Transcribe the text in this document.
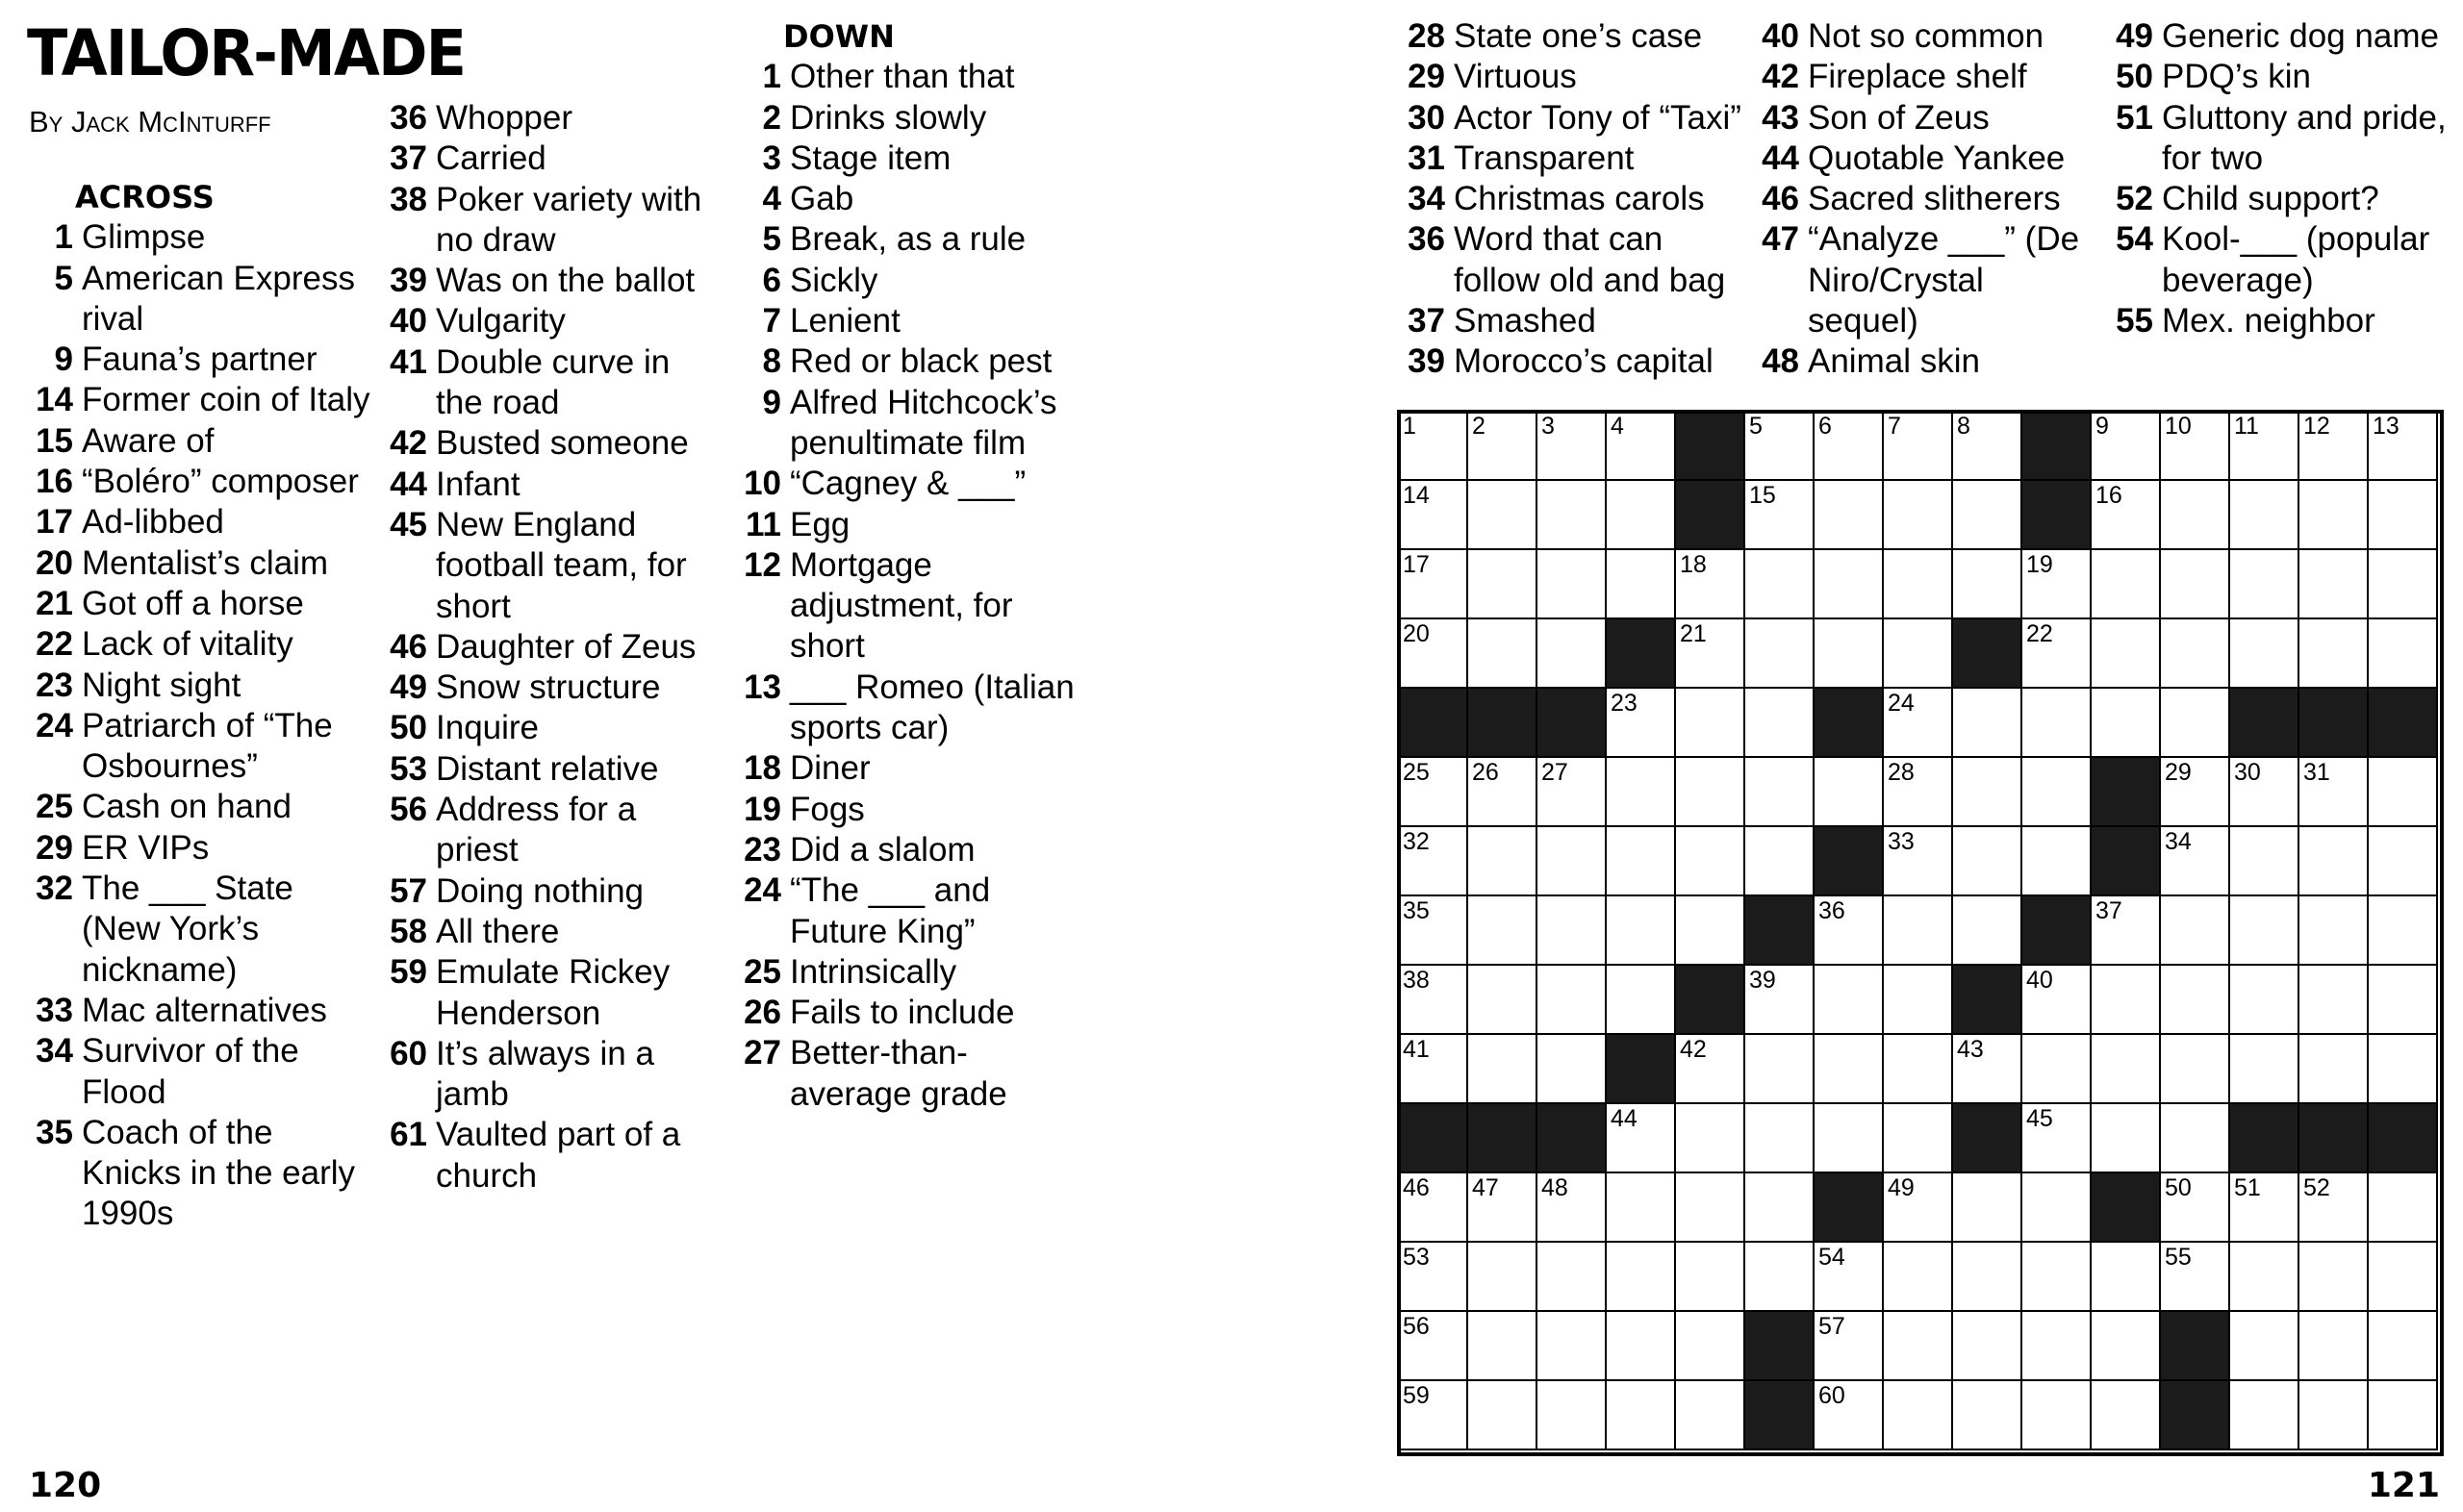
TAILOR-MADE
By Jack McInturff
ACROSS
1 Glimpse
5 American Express rival
9 Fauna’s partner
14 Former coin of Italy
15 Aware of
16 “Boléro” composer
17 Ad-libbed
20 Mentalist’s claim
21 Got off a horse
22 Lack of vitality
23 Night sight
24 Patriarch of “The Osbournes”
25 Cash on hand
29 ER VIPs
32 The ___ State (New York’s nickname)
33 Mac alternatives
34 Survivor of the Flood
35 Coach of the Knicks in the early 1990s
36 Whopper
37 Carried
38 Poker variety with no draw
39 Was on the ballot
40 Vulgarity
41 Double curve in the road
42 Busted someone
44 Infant
45 New England football team, for short
46 Daughter of Zeus
49 Snow structure
50 Inquire
53 Distant relative
56 Address for a priest
57 Doing nothing
58 All there
59 Emulate Rickey Henderson
60 It’s always in a jamb
61 Vaulted part of a church
DOWN
1 Other than that
2 Drinks slowly
3 Stage item
4 Gab
5 Break, as a rule
6 Sickly
7 Lenient
8 Red or black pest
9 Alfred Hitchcock’s penultimate film
10 “Cagney & ___”
11 Egg
12 Mortgage adjustment, for short
13 ___ Romeo (Italian sports car)
18 Diner
19 Fogs
23 Did a slalom
24 “The ___ and Future King”
25 Intrinsically
26 Fails to include
27 Better-than-average grade
28 State one’s case
29 Virtuous
30 Actor Tony of “Taxi”
31 Transparent
34 Christmas carols
36 Word that can follow old and bag
37 Smashed
39 Morocco’s capital
40 Not so common
42 Fireplace shelf
43 Son of Zeus
44 Quotable Yankee
46 Sacred slitherers
47 “Analyze ___” (De Niro/Crystal sequel)
48 Animal skin
49 Generic dog name
50 PDQ’s kin
51 Gluttony and pride, for two
52 Child support?
54 Kool-___ (popular beverage)
55 Mex. neighbor
1 2 3 4	5 6 7 8	9 10 11 12 13
14	15	16
17	18	19
20	21	22
23	24
25 26 27	28	29 30 31
32	33	34
35	36	37
38	39	40
41	42	43
44	45
46 47 48	49	50 51 52
53	54	55
56	57
59	60
120	121
